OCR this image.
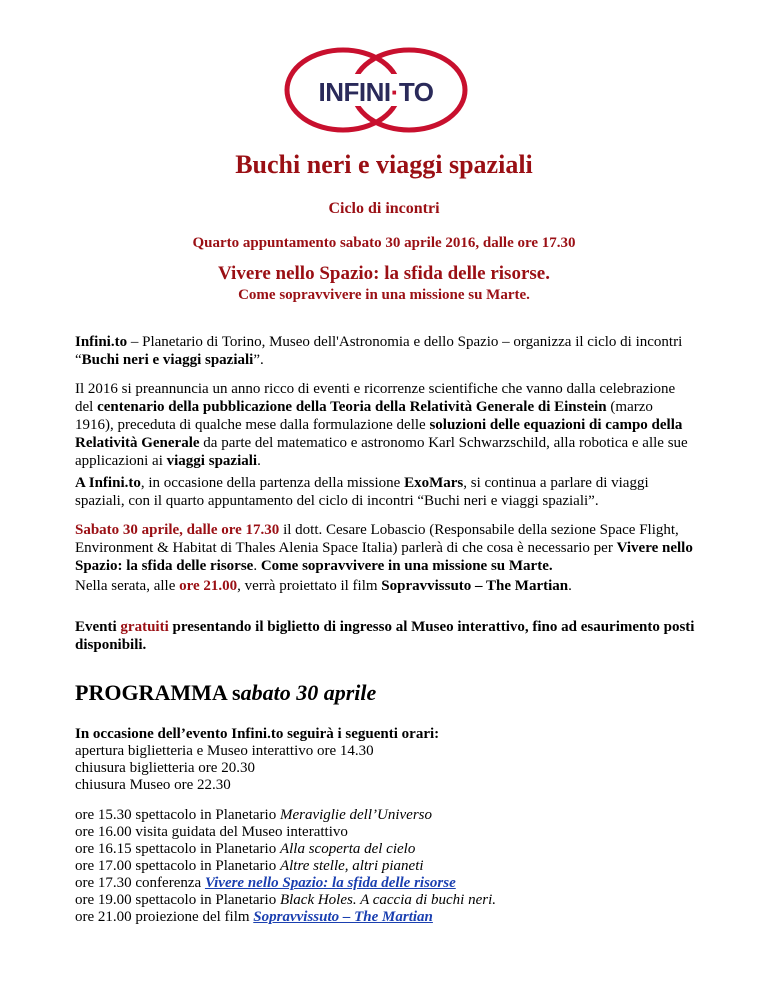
INFINI·TO
Buchi neri e viaggi spaziali
Ciclo di incontri
Quarto appuntamento sabato 30 aprile 2016, dalle ore 17.30
Vivere nello Spazio: la sfida delle risorse.
Come sopravvivere in una missione su Marte.

Infini.to – Planetario di Torino, Museo dell'Astronomia e dello Spazio – organizza il ciclo di incontri “Buchi neri e viaggi spaziali”.

Il 2016 si preannuncia un anno ricco di eventi e ricorrenze scientifiche che vanno dalla celebrazione del centenario della pubblicazione della Teoria della Relatività Generale di Einstein (marzo 1916), preceduta di qualche mese dalla formulazione delle soluzioni delle equazioni di campo della Relatività Generale da parte del matematico e astronomo Karl Schwarzschild, alla robotica e alle sue applicazioni ai viaggi spaziali.

A Infini.to, in occasione della partenza della missione ExoMars, si continua a parlare di viaggi spaziali, con il quarto appuntamento del ciclo di incontri “Buchi neri e viaggi spaziali”.

Sabato 30 aprile, dalle ore 17.30 il dott. Cesare Lobascio (Responsabile della sezione Space Flight, Environment & Habitat di Thales Alenia Space Italia) parlerà di che cosa è necessario per Vivere nello Spazio: la sfida delle risorse. Come sopravvivere in una missione su Marte.

Nella serata, alle ore 21.00, verrà proiettato il film Sopravvissuto – The Martian.

Eventi gratuiti presentando il biglietto di ingresso al Museo interattivo, fino ad esaurimento posti disponibili.

PROGRAMMA sabato 30 aprile
In occasione dell’evento Infini.to seguirà i seguenti orari:
apertura biglietteria e Museo interattivo ore 14.30
chiusura biglietteria ore 20.30
chiusura Museo ore 22.30
ore 15.30 spettacolo in Planetario Meraviglie dell’Universo
ore 16.00 visita guidata del Museo interattivo
ore 16.15 spettacolo in Planetario Alla scoperta del cielo
ore 17.00 spettacolo in Planetario Altre stelle, altri pianeti
ore 17.30 conferenza Vivere nello Spazio: la sfida delle risorse
ore 19.00 spettacolo in Planetario Black Holes. A caccia di buchi neri.
ore 21.00 proiezione del film Sopravvissuto – The Martian
